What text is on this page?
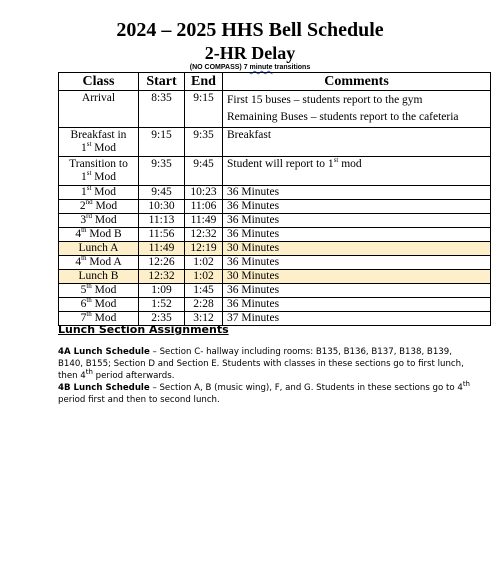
2024 – 2025 HHS Bell Schedule
2-HR Delay
(NO COMPASS) 7 minute transitions
Class	Start	End	Comments
Arrival	8:35	9:15	First 15 buses – students report to the gym
Remaining Buses – students report to the cafeteria

Breakfast in
1st Mod	9:15	9:35	Breakfast

Transition to
1st Mod	9:35	9:45	Student will report to 1st mod
1st Mod	9:45	10:23	36 Minutes
2nd Mod	10:30	11:06	36 Minutes
3rd Mod	11:13	11:49	36 Minutes
4th Mod B	11:56	12:32	36 Minutes
Lunch A	11:49	12:19	30 Minutes
4th Mod A	12:26	1:02	36 Minutes
Lunch B	12:32	1:02	30 Minutes
5th Mod	1:09	1:45	36 Minutes
6th Mod	1:52	2:28	36 Minutes
7th Mod	2:35	3:12	37 Minutes
Lunch Section Assignments
4A Lunch Schedule – Section C- hallway including rooms: B135, B136, B137, B138, B139, B140, B155; Section D and Section E. Students with classes in these sections go to first lunch, then 4th period afterwards.
4B Lunch Schedule – Section A, B (music wing), F, and G. Students in these sections go to 4th period first and then to second lunch.
